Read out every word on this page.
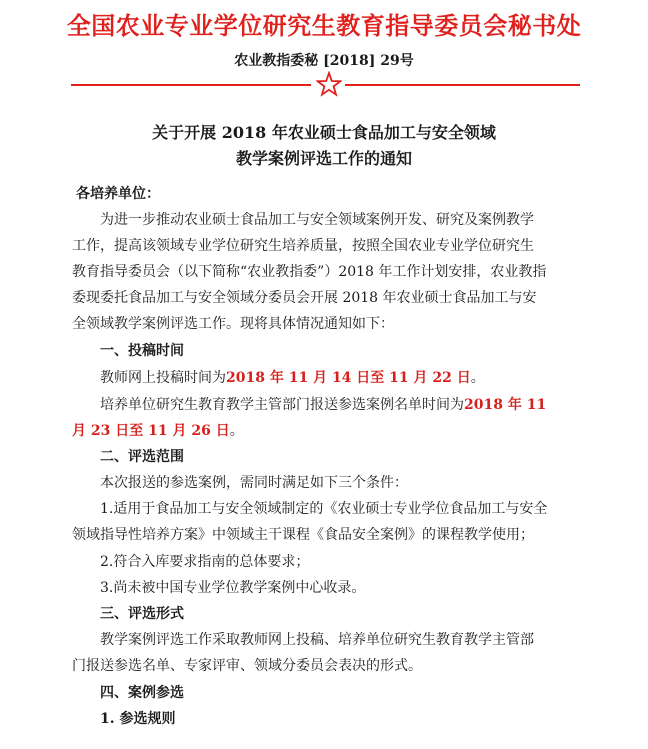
全国农业专业学位研究生教育指导委员会秘书处
农业教指委秘 [2018] 29号
关于开展 2018 年农业硕士食品加工与安全领域
教学案例评选工作的通知
各培养单位：
为进一步推动农业硕士食品加工与安全领域案例开发、研究及案例教学
工作，提高该领域专业学位研究生培养质量，按照全国农业专业学位研究生
教育指导委员会（以下简称“农业教指委”）2018 年工作计划安排，农业教指
委现委托食品加工与安全领域分委员会开展 2018 年农业硕士食品加工与安
全领域教学案例评选工作。现将具体情况通知如下：
一、投稿时间
教师网上投稿时间为2018 年 11 月 14 日至 11 月 22 日。
培养单位研究生教育教学主管部门报送参选案例名单时间为2018 年 11
月 23 日至 11 月 26 日。
二、评选范围
本次报送的参选案例，需同时满足如下三个条件：
1.适用于食品加工与安全领域制定的《农业硕士专业学位食品加工与安全
领域指导性培养方案》中领域主干课程《食品安全案例》的课程教学使用；
2.符合入库要求指南的总体要求；
3.尚未被中国专业学位教学案例中心收录。
三、评选形式
教学案例评选工作采取教师网上投稿、培养单位研究生教育教学主管部
门报送参选名单、专家评审、领域分委员会表决的形式。
四、案例参选
1. 参选规则
